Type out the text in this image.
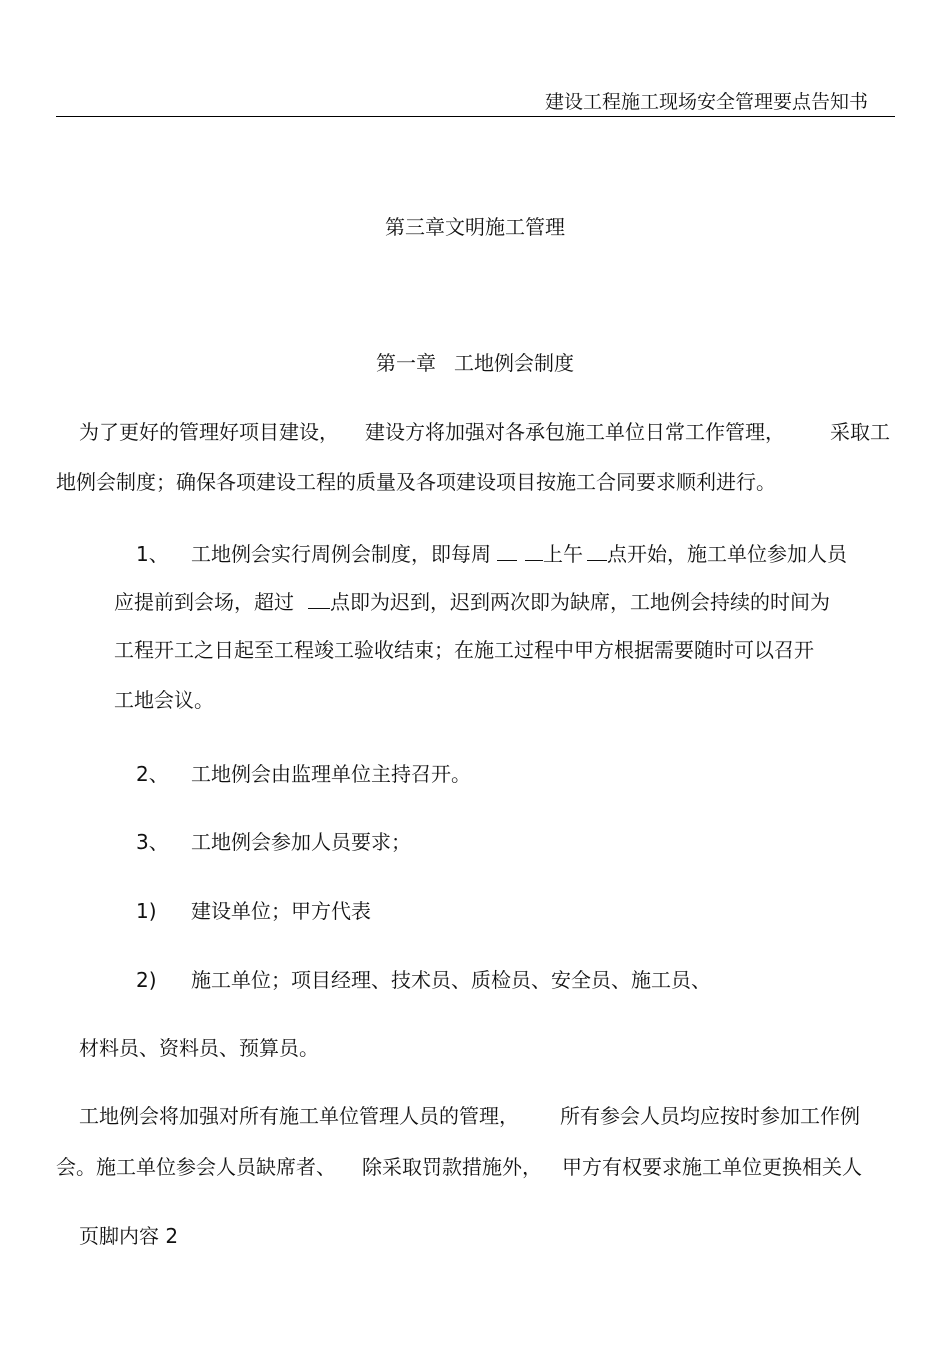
建设工程施工现场安全管理要点告知书
第三章文明施工管理
第一章 工地例会制度
为了更好的管理好项目建设， 建设方将加强对各承包施工单位日常工作管理， 采取工
地例会制度；确保各项建设工程的质量及各项建设项目按施工合同要求顺利进行。
1、 工地例会实行周例会制度，即每周	上午 点开始，施工单位参加人员
应提前到会场，超过 点即为迟到，迟到两次即为缺席，工地例会持续的时间为
工程开工之日起至工程竣工验收结束；在施工过程中甲方根据需要随时可以召开
工地会议。
2、 工地例会由监理单位主持召开。
3、 工地例会参加人员要求；
1) 建设单位；甲方代表
2) 施工单位；项目经理、技术员、质检员、安全员、施工员、
材料员、资料员、预算员。
工地例会将加强对所有施工单位管理人员的管理， 所有参会人员均应按时参加工作例
会。施工单位参会人员缺席者、 除采取罚款措施外， 甲方有权要求施工单位更换相关人
页脚内容 2
